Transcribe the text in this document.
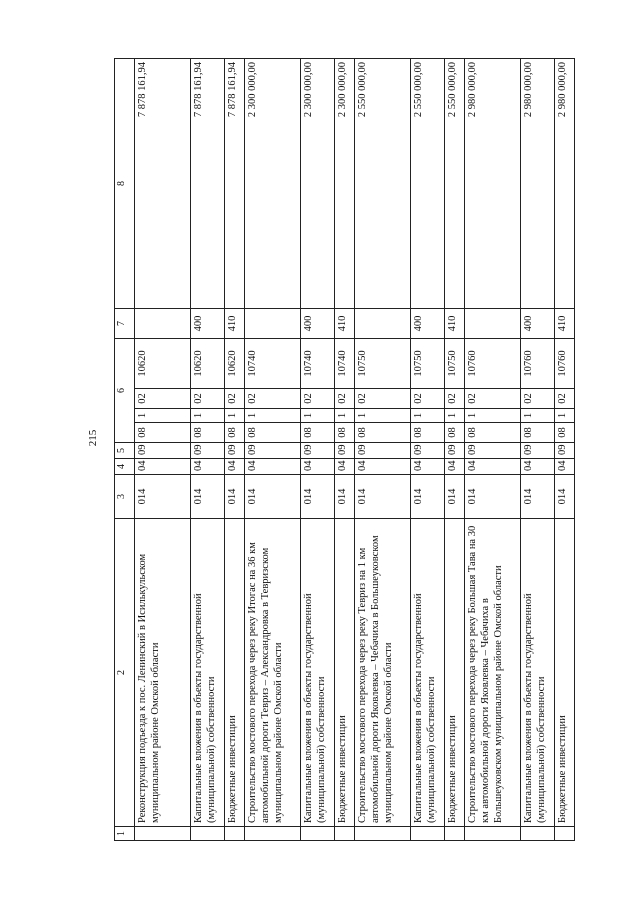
215
1	2	3	4	5	6				7	8
	Реконструкция подъезда к пос. Ленинский в Исилькульском муниципальном районе Омской области	014	04	09	08	1	02	10620		7 878 161,94
	Капитальные вложения в объекты государственной (муниципальной) собственности	014	04	09	08	1	02	10620	400	7 878 161,94
	Бюджетные инвестиции	014	04	09	08	1	02	10620	410	7 878 161,94
	Строительство мостового перехода через реку Итогас на 36 км автомобильной дороги Тевриз – Александровка в Тевризском муниципальном районе Омской области	014	04	09	08	1	02	10740		2 300 000,00
	Капитальные вложения в объекты государственной (муниципальной) собственности	014	04	09	08	1	02	10740	400	2 300 000,00
	Бюджетные инвестиции	014	04	09	08	1	02	10740	410	2 300 000,00
	Строительство мостового перехода через реку Тевриз на 1 км автомобильной дороги Яковлевка – Чебачиха в Большеуковском муниципальном районе Омской области	014	04	09	08	1	02	10750		2 550 000,00
	Капитальные вложения в объекты государственной (муниципальной) собственности	014	04	09	08	1	02	10750	400	2 550 000,00
	Бюджетные инвестиции	014	04	09	08	1	02	10750	410	2 550 000,00
	Строительство мостового перехода через реку Большая Тава на 30 км автомобильной дороги Яковлевка – Чебачиха в Большеуковском муниципальном районе Омской области	014	04	09	08	1	02	10760		2 980 000,00
	Капитальные вложения в объекты государственной (муниципальной) собственности	014	04	09	08	1	02	10760	400	2 980 000,00
	Бюджетные инвестиции	014	04	09	08	1	02	10760	410	2 980 000,00
